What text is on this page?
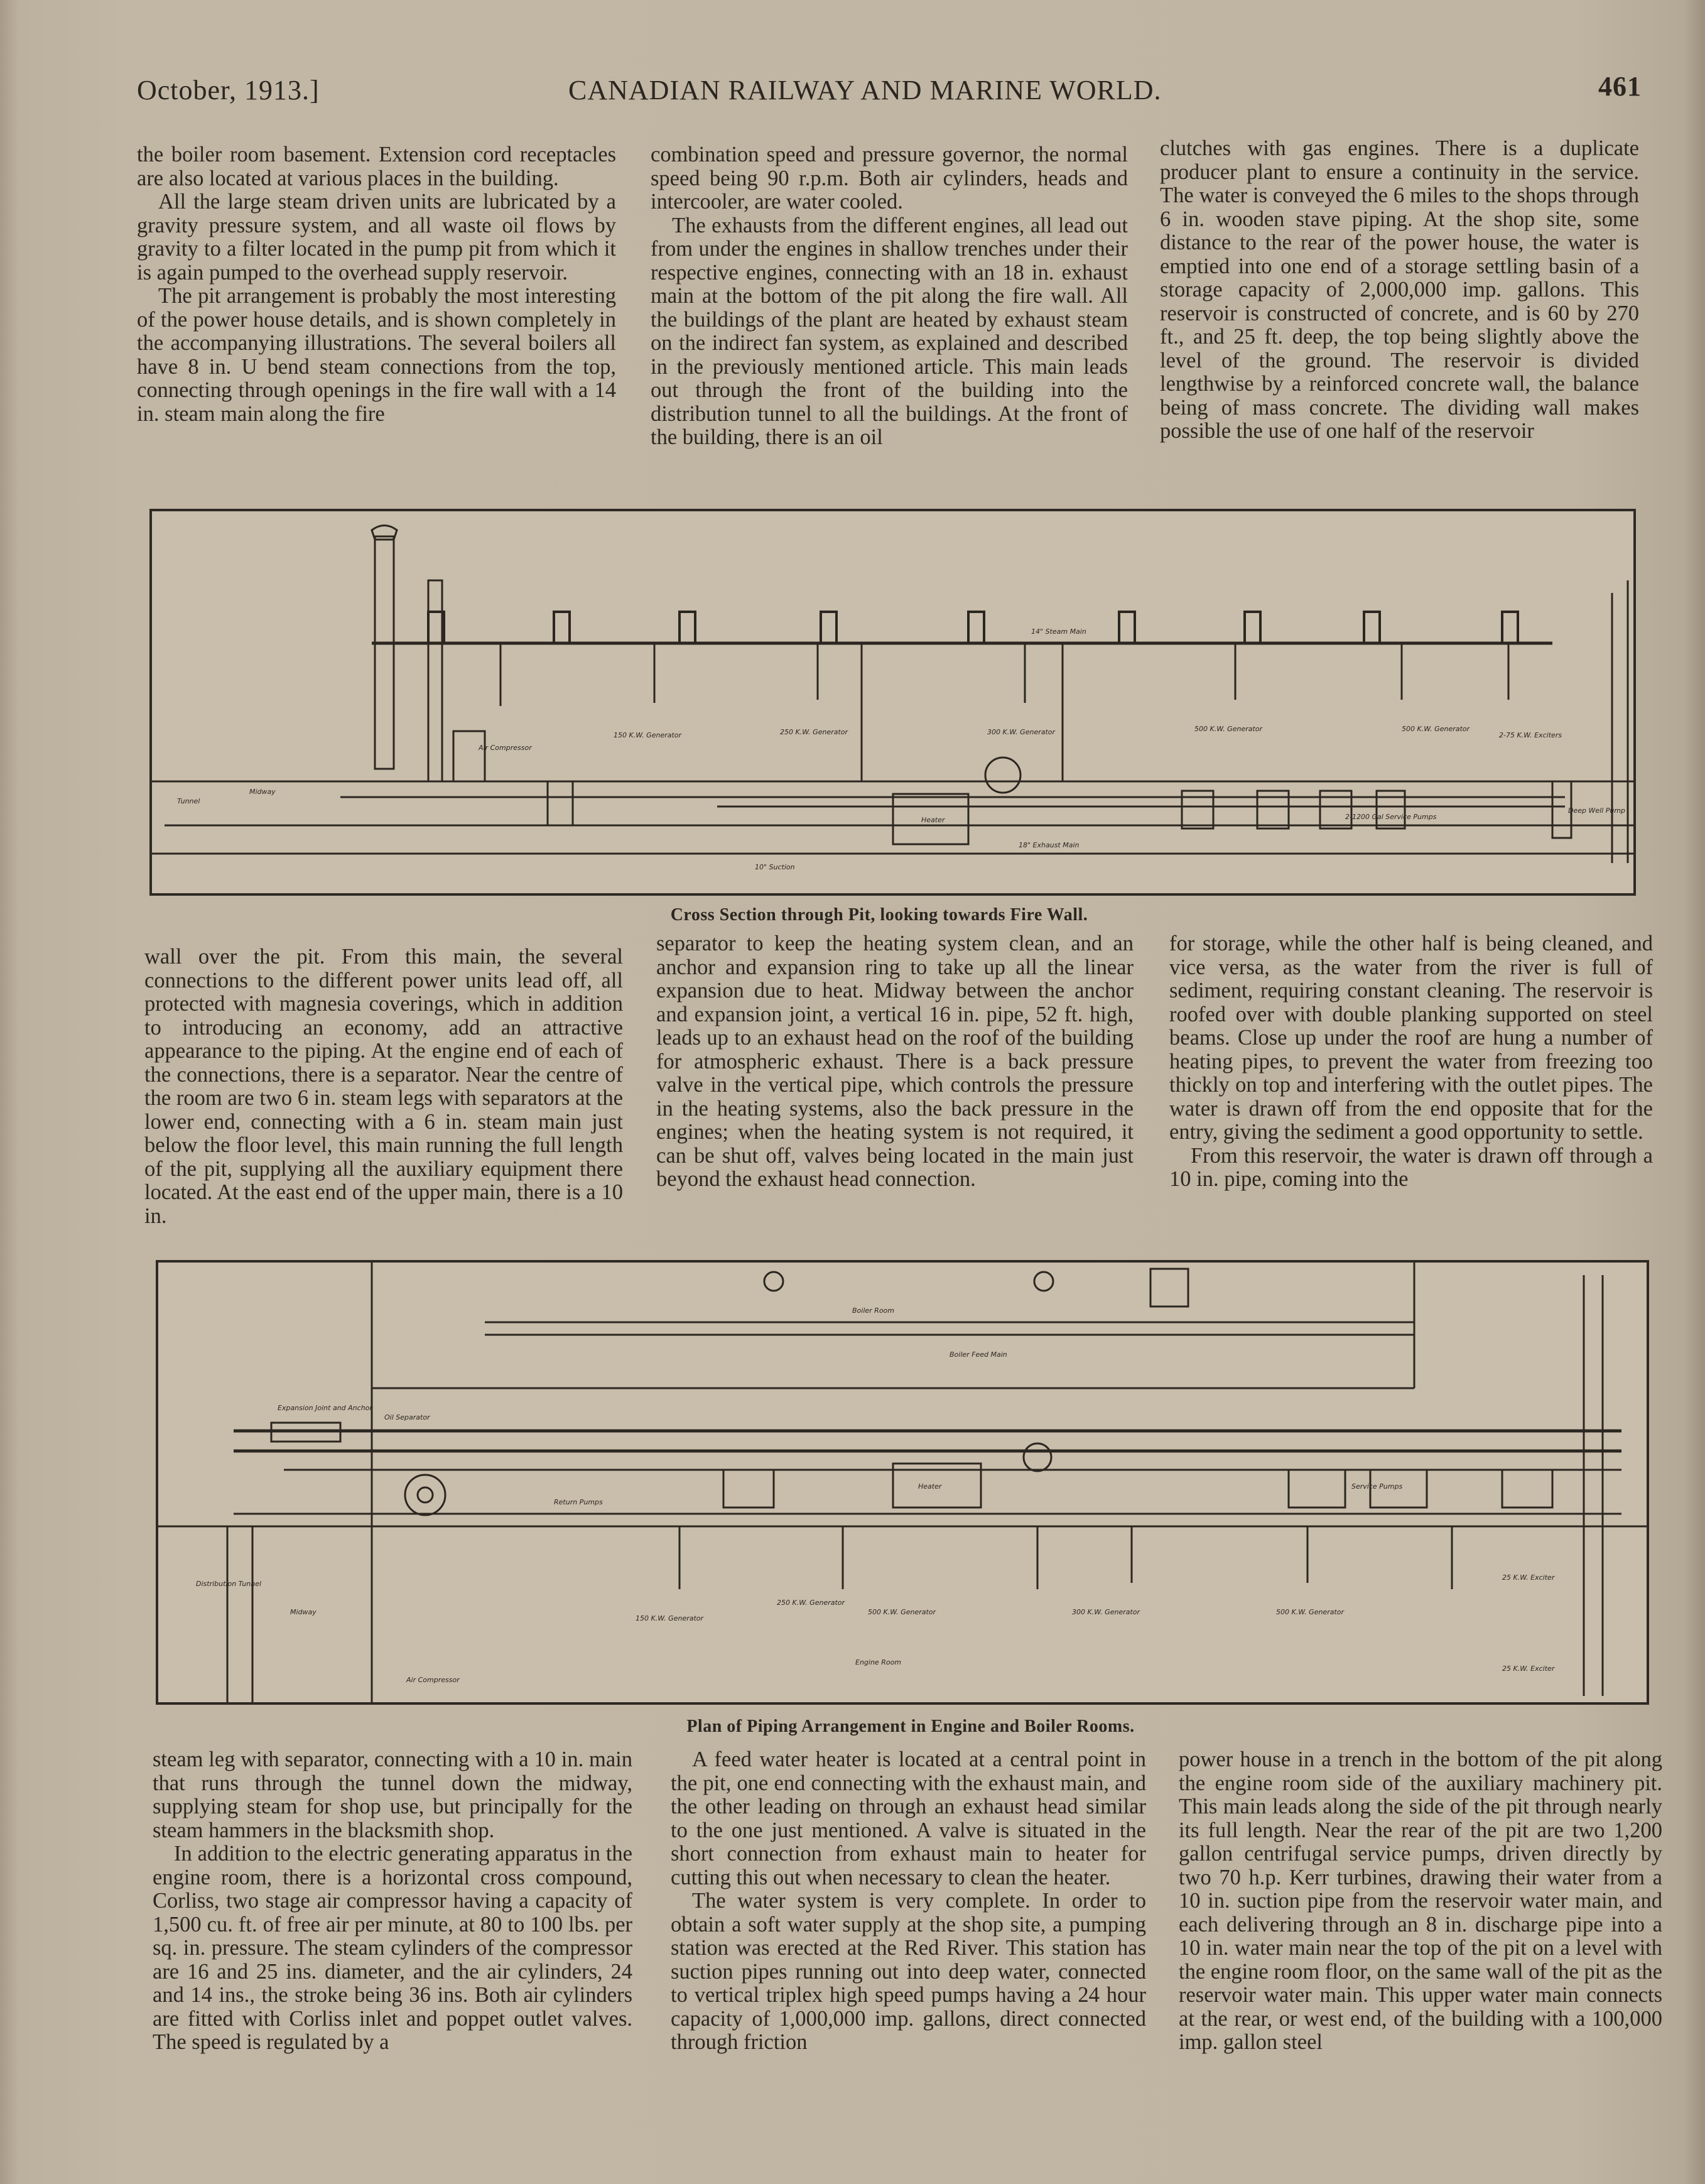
October, 1913.]	CANADIAN RAILWAY AND MARINE WORLD.	461

the boiler room basement. Extension cord receptacles are also located at various places in the building.

All the large steam driven units are lubricated by a gravity pressure system, and all waste oil flows by gravity to a filter located in the pump pit from which it is again pumped to the overhead supply reservoir.

The pit arrangement is probably the most interesting of the power house details, and is shown completely in the accompanying illustrations. The several boilers all have 8 in. U bend steam connections from the top, connecting through openings in the fire wall with a 14 in. steam main along the fire

combination speed and pressure governor, the normal speed being 90 r.p.m. Both air cylinders, heads and intercooler, are water cooled.

The exhausts from the different engines, all lead out from under the engines in shallow trenches under their respective engines, connecting with an 18 in. exhaust main at the bottom of the pit along the fire wall. All the buildings of the plant are heated by exhaust steam on the indirect fan system, as explained and described in the previously mentioned article. This main leads out through the front of the building into the distribution tunnel to all the buildings. At the front of the building, there is an oil

clutches with gas engines. There is a duplicate producer plant to ensure a continuity in the service. The water is conveyed the 6 miles to the shops through 6 in. wooden stave piping. At the shop site, some distance to the rear of the power house, the water is emptied into one end of a storage settling basin of a storage capacity of 2,000,000 imp. gallons. This reservoir is constructed of concrete, and is 60 by 270 ft., and 25 ft. deep, the top being slightly above the level of the ground. The reservoir is divided lengthwise by a reinforced concrete wall, the balance being of mass concrete. The dividing wall makes possible the use of one half of the reservoir

14" Steam Main
150 K.W. Generator	250 K.W. Generator	300 K.W. Generator	500 K.W. Generator	500 K.W. Generator
2-75 K.W. Exciters
Air Compressor
Midway
Tunnel
Heater
18" Exhaust Main
10" Suction
Deep Well Pump
2-1200 Gal Service Pumps
Cross Section through Pit, looking towards Fire Wall.

wall over the pit. From this main, the several connections to the different power units lead off, all protected with magnesia coverings, which in addition to introducing an economy, add an attractive appearance to the piping. At the engine end of each of the connections, there is a separator. Near the centre of the room are two 6 in. steam legs with separators at the lower end, connecting with a 6 in. steam main just below the floor level, this main running the full length of the pit, supplying all the auxiliary equipment there located. At the east end of the upper main, there is a 10 in.

separator to keep the heating system clean, and an anchor and expansion ring to take up all the linear expansion due to heat. Midway between the anchor and expansion joint, a vertical 16 in. pipe, 52 ft. high, leads up to an exhaust head on the roof of the building for atmospheric exhaust. There is a back pressure valve in the vertical pipe, which controls the pressure in the heating systems, also the back pressure in the engines; when the heating system is not required, it can be shut off, valves being located in the main just beyond the exhaust head connection.

for storage, while the other half is being cleaned, and vice versa, as the water from the river is full of sediment, requiring constant cleaning. The reservoir is roofed over with double planking supported on steel beams. Close up under the roof are hung a number of heating pipes, to prevent the water from freezing too thickly on top and interfering with the outlet pipes. The water is drawn off from the end opposite that for the entry, giving the sediment a good opportunity to settle.

From this reservoir, the water is drawn off through a 10 in. pipe, coming into the

Boiler Room
Boiler Feed Main
Engine Room
Heater
150 K.W. Generator
250 K.W. Generator
500 K.W. Generator	300 K.W. Generator	500 K.W. Generator
25 K.W. Exciter
25 K.W. Exciter
Air Compressor
Midway
Distribution Tunnel
Return Pumps
Service Pumps
Expansion Joint and Anchor
Oil Separator
Plan of Piping Arrangement in Engine and Boiler Rooms.

steam leg with separator, connecting with a 10 in. main that runs through the tunnel down the midway, supplying steam for shop use, but principally for the steam hammers in the blacksmith shop.

In addition to the electric generating apparatus in the engine room, there is a horizontal cross compound, Corliss, two stage air compressor having a capacity of 1,500 cu. ft. of free air per minute, at 80 to 100 lbs. per sq. in. pressure. The steam cylinders of the compressor are 16 and 25 ins. diameter, and the air cylinders, 24 and 14 ins., the stroke being 36 ins. Both air cylinders are fitted with Corliss inlet and poppet outlet valves. The speed is regulated by a

A feed water heater is located at a central point in the pit, one end connecting with the exhaust main, and the other leading on through an exhaust head similar to the one just mentioned. A valve is situated in the short connection from exhaust main to heater for cutting this out when necessary to clean the heater.

The water system is very complete. In order to obtain a soft water supply at the shop site, a pumping station was erected at the Red River. This station has suction pipes running out into deep water, connected to vertical triplex high speed pumps having a 24 hour capacity of 1,000,000 imp. gallons, direct connected through friction

power house in a trench in the bottom of the pit along the engine room side of the auxiliary machinery pit. This main leads along the side of the pit through nearly its full length. Near the rear of the pit are two 1,200 gallon centrifugal service pumps, driven directly by two 70 h.p. Kerr turbines, drawing their water from a 10 in. suction pipe from the reservoir water main, and each delivering through an 8 in. discharge pipe into a 10 in. water main near the top of the pit on a level with the engine room floor, on the same wall of the pit as the reservoir water main. This upper water main connects at the rear, or west end, of the building with a 100,000 imp. gallon steel
